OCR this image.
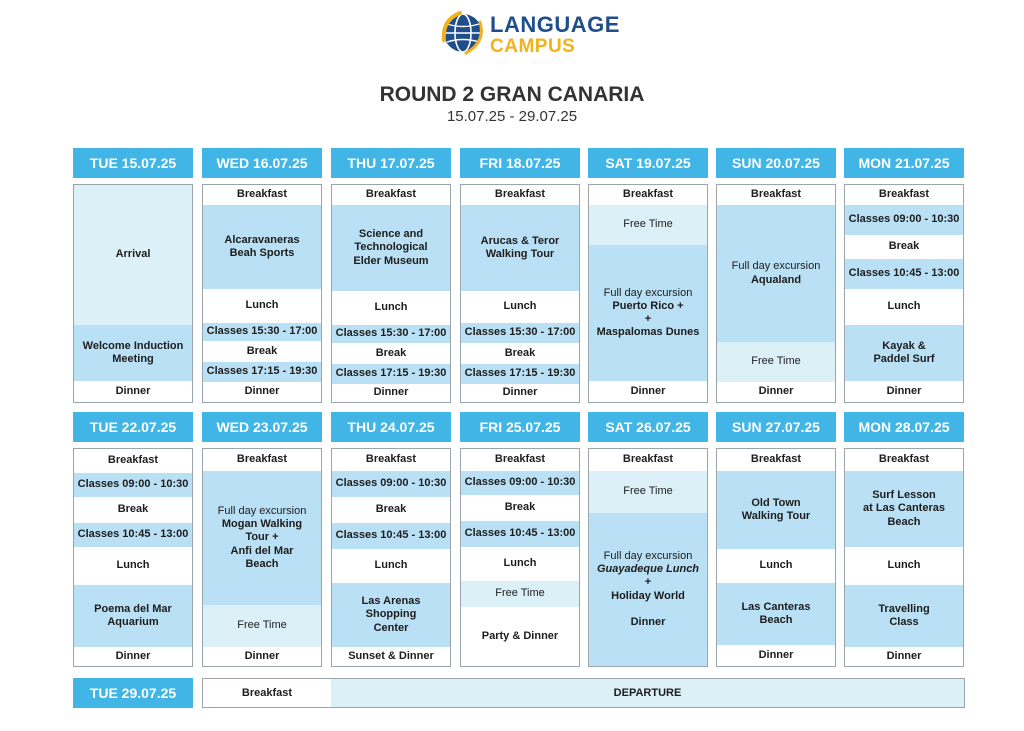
LANGUAGE
CAMPUS
ROUND 2 GRAN CANARIA
15.07.25 - 29.07.25
TUE 15.07.25
Arrival
Welcome Induction
Meeting
Dinner
WED 16.07.25
Breakfast
Alcaravaneras
Beah Sports
Lunch
Classes 15:30 - 17:00
Break
Classes 17:15 - 19:30
Dinner
THU 17.07.25
Breakfast
Science and
Technological
Elder Museum
Lunch
Classes 15:30 - 17:00
Break
Classes 17:15 - 19:30
Dinner
FRI 18.07.25
Breakfast
Arucas & Teror
Walking Tour
Lunch
Classes 15:30 - 17:00
Break
Classes 17:15 - 19:30
Dinner
SAT 19.07.25
Breakfast
Free Time
Full day excursion
Puerto Rico +
+
Maspalomas Dunes
Dinner
SUN 20.07.25
Breakfast
Full day excursion
Aqualand
Free Time
Dinner
MON 21.07.25
Breakfast
Classes 09:00 - 10:30
Break
Classes 10:45 - 13:00
Lunch
Kayak &
Paddel Surf
Dinner
TUE 22.07.25
Breakfast
Classes 09:00 - 10:30
Break
Classes 10:45 - 13:00
Lunch
Poema del Mar
Aquarium
Dinner
WED 23.07.25
Breakfast
Full day excursion
Mogan Walking
Tour +
Anfi del Mar
Beach
Free Time
Dinner
THU 24.07.25
Breakfast
Classes 09:00 - 10:30
Break
Classes 10:45 - 13:00
Lunch
Las Arenas
Shopping
Center
Sunset & Dinner
FRI 25.07.25
Breakfast
Classes 09:00 - 10:30
Break
Classes 10:45 - 13:00
Lunch
Free Time
Party & Dinner
SAT 26.07.25
Breakfast
Free Time
Full day excursion
Guayadeque Lunch
+
Holiday World

Dinner
SUN 27.07.25
Breakfast
Old Town
Walking Tour
Lunch
Las Canteras
Beach
Dinner
MON 28.07.25
Breakfast
Surf Lesson
at Las Canteras
Beach
Lunch
Travelling
Class
Dinner
TUE 29.07.25	Breakfast	DEPARTURE
